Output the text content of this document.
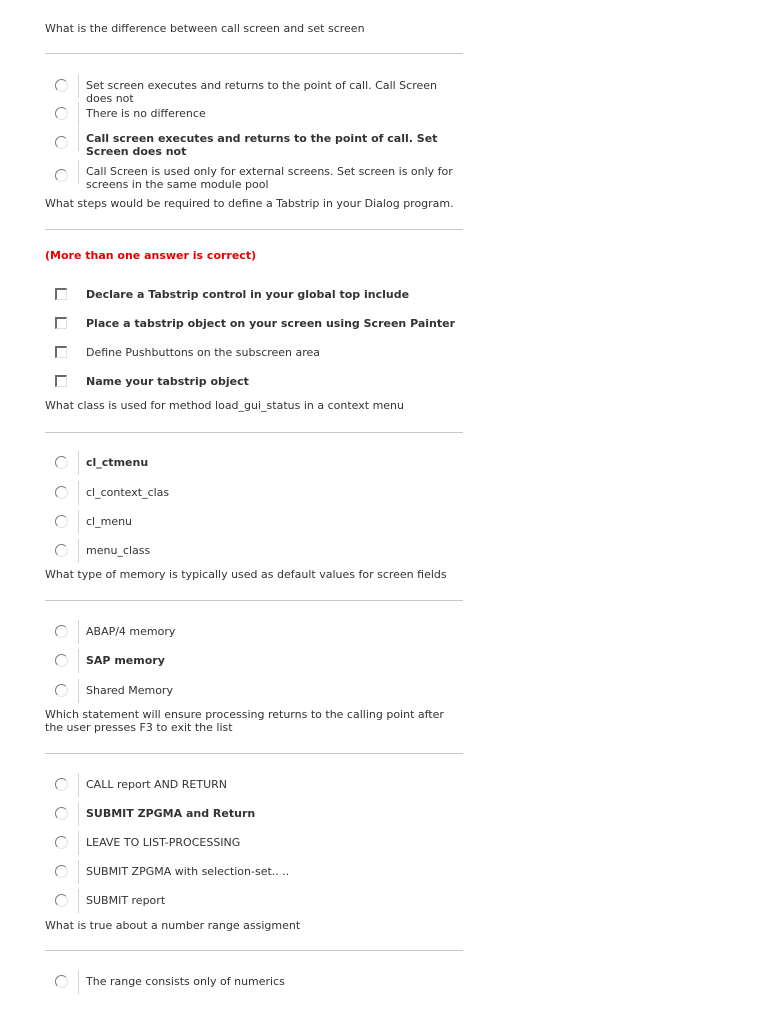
What is the difference between call screen and set screen
Set screen executes and returns to the point of call. Call Screen does not
There is no difference
Call screen executes and returns to the point of call. Set Screen does not
Call Screen is used only for external screens. Set screen is only for screens in the same module pool
What steps would be required to define a Tabstrip in your Dialog program.
(More than one answer is correct)
Declare a Tabstrip control in your global top include
Place a tabstrip object on your screen using Screen Painter
Define Pushbuttons on the subscreen area
Name your tabstrip object
What class is used for method load_gui_status in a context menu
cl_ctmenu
cl_context_clas
cl_menu
menu_class
What type of memory is typically used as default values for screen fields
ABAP/4 memory
SAP memory
Shared Memory
Which statement will ensure processing returns to the calling point after the user presses F3 to exit the list
CALL report AND RETURN
SUBMIT ZPGMA and Return
LEAVE TO LIST-PROCESSING
SUBMIT ZPGMA with selection-set.. ..
SUBMIT report
What is true about a number range assigment
The range consists only of numerics
